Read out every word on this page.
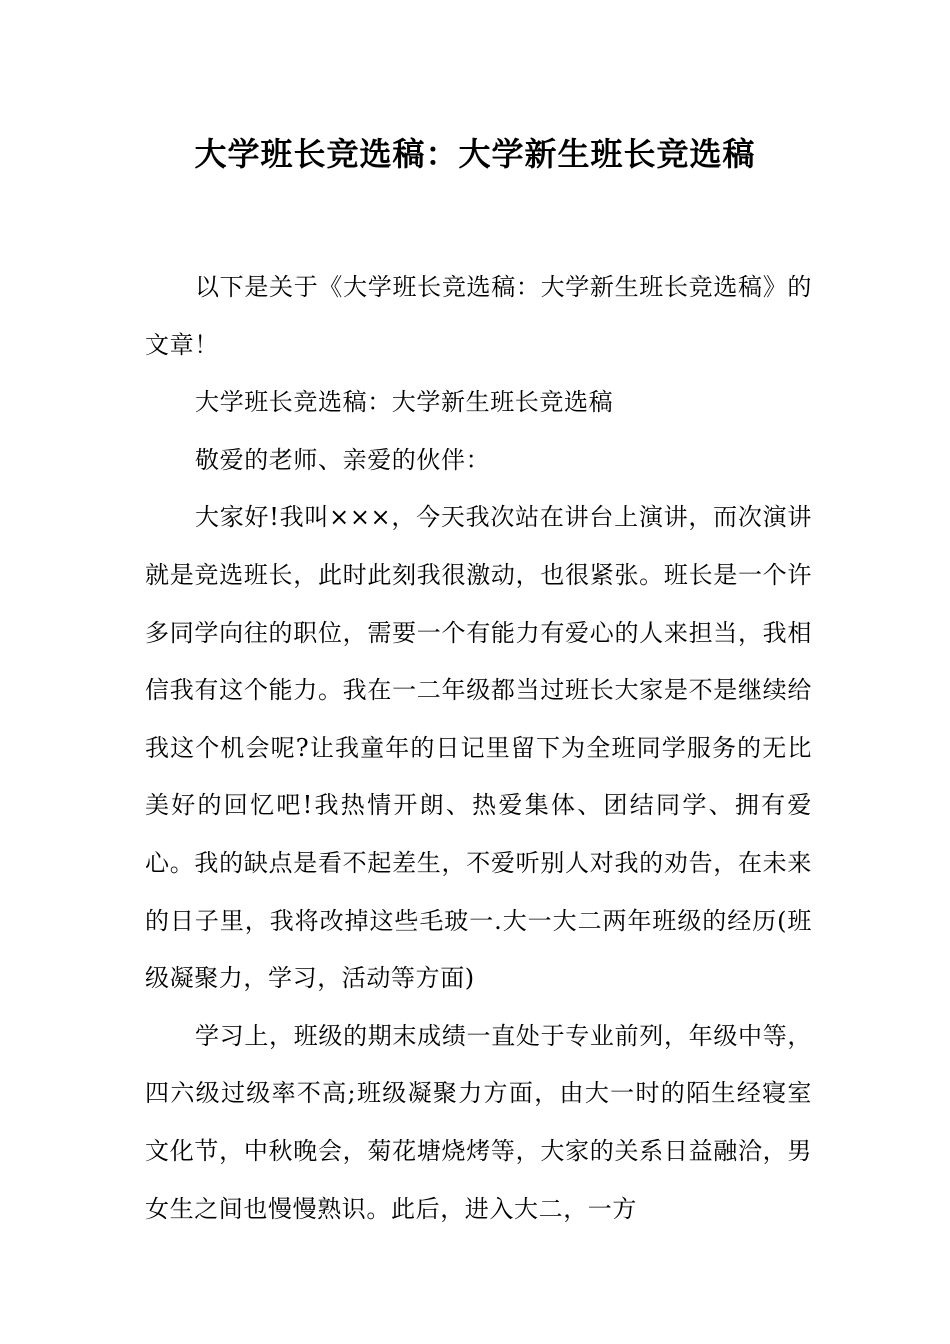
大学班长竞选稿：大学新生班长竞选稿

以下是关于《大学班长竞选稿：大学新生班长竞选稿》的文章！

大学班长竞选稿：大学新生班长竞选稿

敬爱的老师、亲爱的伙伴：

大家好!我叫×××，今天我次站在讲台上演讲，而次演讲就是竞选班长，此时此刻我很激动，也很紧张。班长是一个许多同学向往的职位，需要一个有能力有爱心的人来担当，我相信我有这个能力。我在一二年级都当过班长大家是不是继续给我这个机会呢?让我童年的日记里留下为全班同学服务的无比美好的回忆吧!我热情开朗、热爱集体、团结同学、拥有爱心。我的缺点是看不起差生，不爱听别人对我的劝告，在未来的日子里，我将改掉这些毛玻一.大一大二两年班级的经历(班级凝聚力，学习，活动等方面)

学习上，班级的期末成绩一直处于专业前列，年级中等，四六级过级率不高;班级凝聚力方面，由大一时的陌生经寝室文化节，中秋晚会，菊花塘烧烤等，大家的关系日益融洽，男女生之间也慢慢熟识。此后，进入大二，一方
